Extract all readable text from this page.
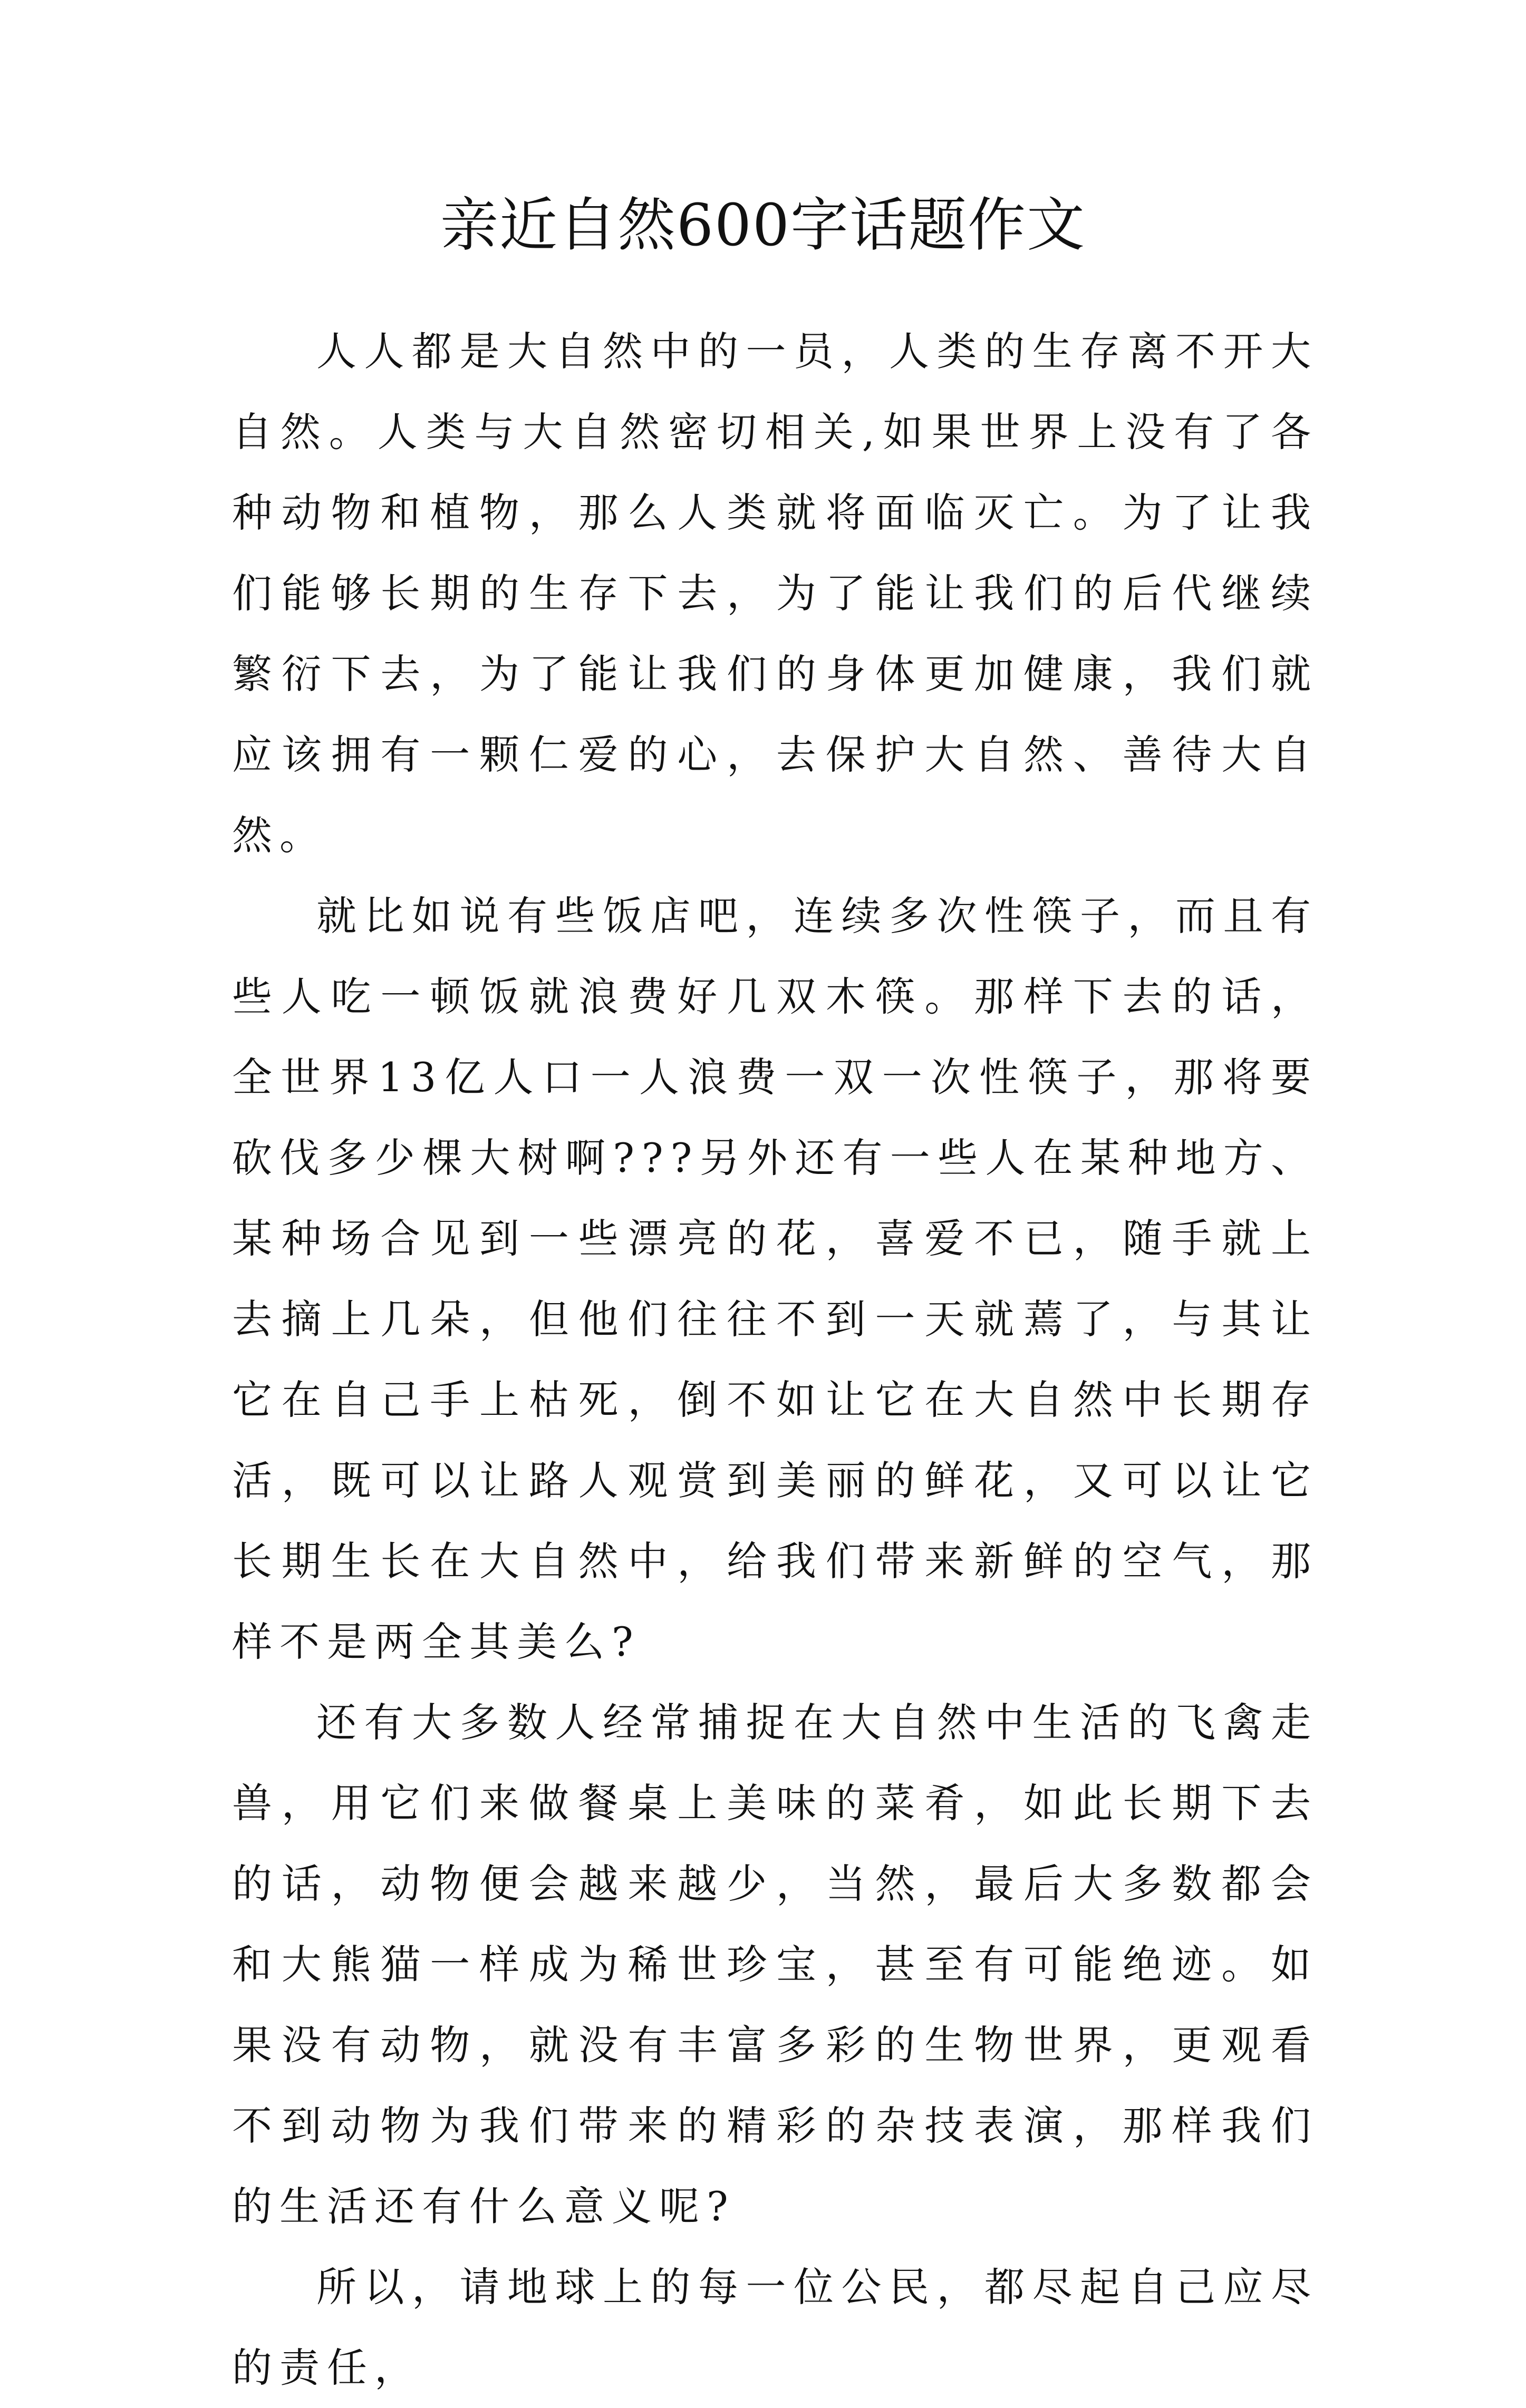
亲近自然600字话题作文

人人都是大自然中的一员，人类的生存离不开大自然。人类与大自然密切相关,如果世界上没有了各种动物和植物，那么人类就将面临灭亡。为了让我们能够长期的生存下去，为了能让我们的后代继续繁衍下去，为了能让我们的身体更加健康，我们就应该拥有一颗仁爱的心，去保护大自然、善待大自然。

就比如说有些饭店吧，连续多次性筷子，而且有些人吃一顿饭就浪费好几双木筷。那样下去的话，全世界13亿人口一人浪费一双一次性筷子，那将要砍伐多少棵大树啊???另外还有一些人在某种地方、某种场合见到一些漂亮的花，喜爱不已，随手就上去摘上几朵，但他们往往不到一天就蔫了，与其让它在自己手上枯死，倒不如让它在大自然中长期存活，既可以让路人观赏到美丽的鲜花，又可以让它长期生长在大自然中，给我们带来新鲜的空气，那样不是两全其美么?

还有大多数人经常捕捉在大自然中生活的飞禽走兽，用它们来做餐桌上美味的菜肴，如此长期下去的话，动物便会越来越少，当然，最后大多数都会和大熊猫一样成为稀世珍宝，甚至有可能绝迹。如果没有动物，就没有丰富多彩的生物世界，更观看不到动物为我们带来的精彩的杂技表演，那样我们的生活还有什么意义呢?

所以，请地球上的每一位公民，都尽起自己应尽的责任，
